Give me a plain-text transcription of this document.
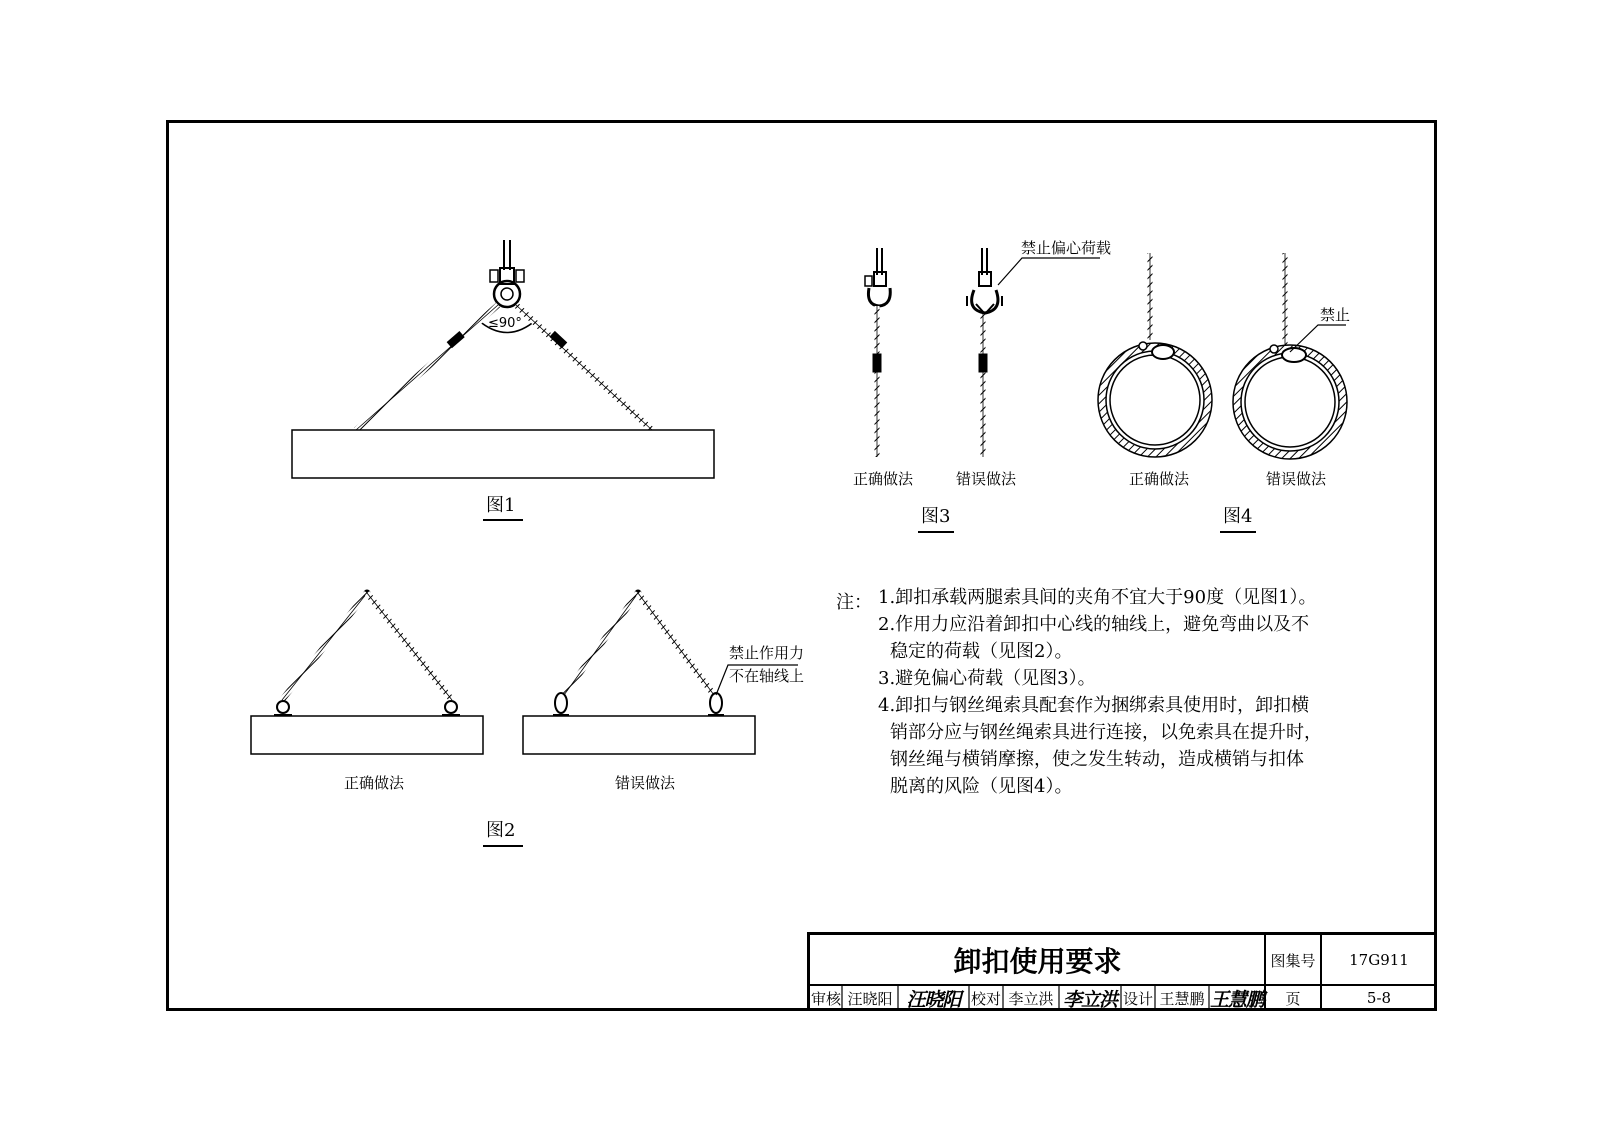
≤90°
图1
图2
图3	图4
正确做法	错误做法
禁止作用力
不在轴线上
正确做法	错误做法
禁止偏心荷载
正确做法	错误做法
禁止
注： 1.卸扣承载两腿索具间的夹角不宜大于90度（见图1）。
2.作用力应沿着卸扣中心线的轴线上，避免弯曲以及不
稳定的荷载（见图2）。
3.避免偏心荷载（见图3）。
4.卸扣与钢丝绳索具配套作为捆绑索具使用时，卸扣横
销部分应与钢丝绳索具进行连接，以免索具在提升时，
钢丝绳与横销摩擦，使之发生转动，造成横销与扣体
脱离的风险（见图4）。
卸扣使用要求	图集号	17G911
审核 汪晓阳 汪晓阳 校对 李立洪 李立洪 设计 王慧鹏 王慧鹏	页	5-8
